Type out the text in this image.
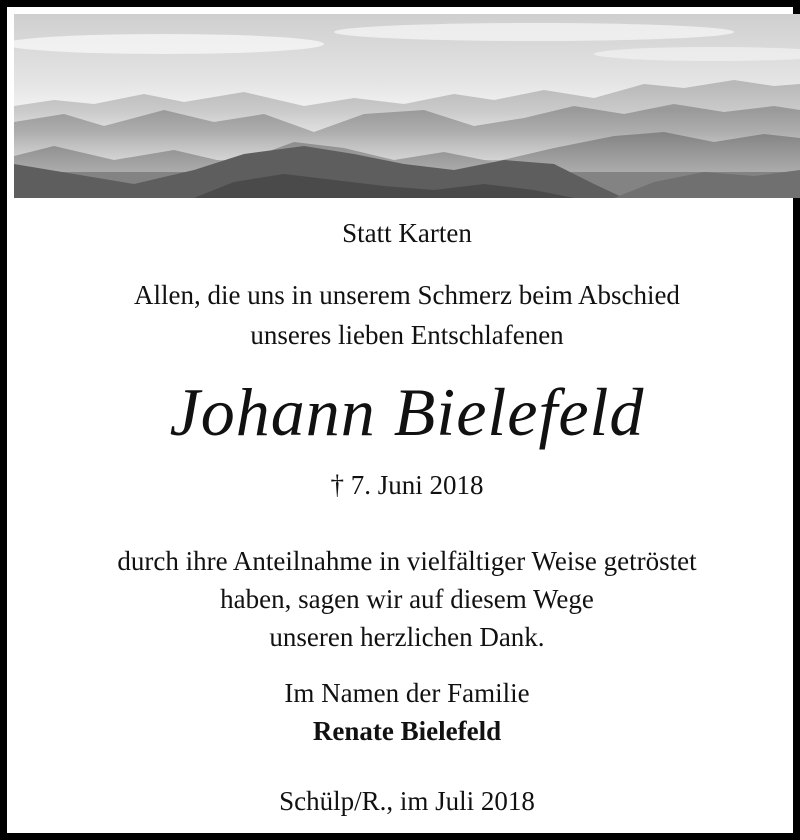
Statt Karten
Allen, die uns in unserem Schmerz beim Abschied
unseres lieben Entschlafenen
Johann Bielefeld
† 7. Juni 2018
durch ihre Anteilnahme in vielfältiger Weise getröstet
haben, sagen wir auf diesem Wege
unseren herzlichen Dank.
Im Namen der Familie
Renate Bielefeld
Schülp/R., im Juli 2018
